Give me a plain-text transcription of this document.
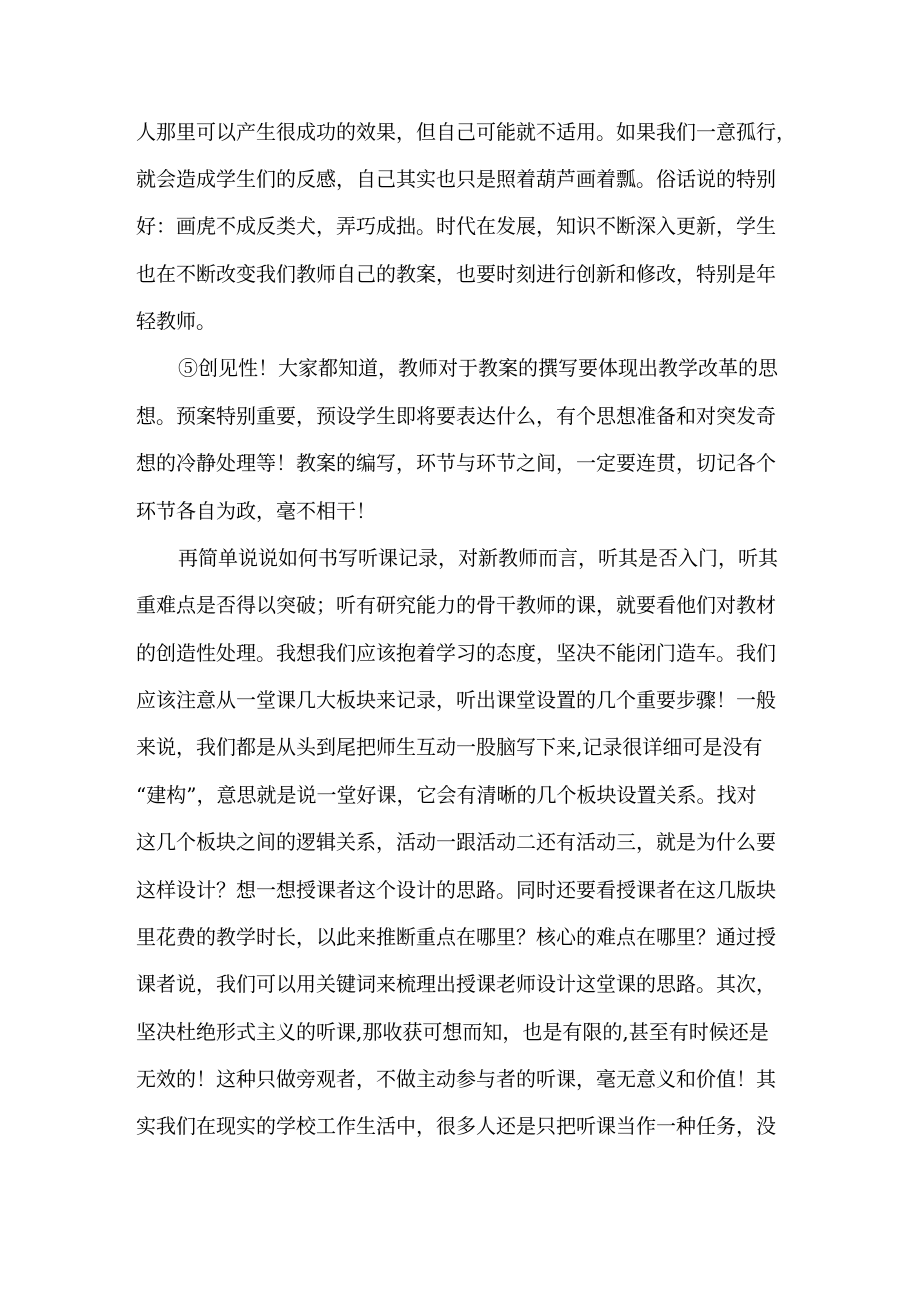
人那里可以产生很成功的效果，但自己可能就不适用。如果我们一意孤行，

就会造成学生们的反感，自己其实也只是照着葫芦画着瓢。俗话说的特别

好：画虎不成反类犬，弄巧成拙。时代在发展，知识不断深入更新，学生

也在不断改变我们教师自己的教案，也要时刻进行创新和修改，特别是年

轻教师。

⑤创见性！大家都知道，教师对于教案的撰写要体现出教学改革的思

想。预案特别重要，预设学生即将要表达什么，有个思想准备和对突发奇

想的冷静处理等！教案的编写，环节与环节之间，一定要连贯，切记各个

环节各自为政，毫不相干！

再简单说说如何书写听课记录，对新教师而言，听其是否入门，听其

重难点是否得以突破；听有研究能力的骨干教师的课，就要看他们对教材

的创造性处理。我想我们应该抱着学习的态度，坚决不能闭门造车。我们

应该注意从一堂课几大板块来记录，听出课堂设置的几个重要步骤！一般

来说，我们都是从头到尾把师生互动一股脑写下来,记录很详细可是没有

“建构”，意思就是说一堂好课，它会有清晰的几个板块设置关系。找对

这几个板块之间的逻辑关系，活动一跟活动二还有活动三，就是为什么要

这样设计？想一想授课者这个设计的思路。同时还要看授课者在这几版块

里花费的教学时长，以此来推断重点在哪里？核心的难点在哪里？通过授

课者说，我们可以用关键词来梳理出授课老师设计这堂课的思路。其次，

坚决杜绝形式主义的听课,那收获可想而知，也是有限的,甚至有时候还是

无效的！这种只做旁观者，不做主动参与者的听课，毫无意义和价值！其

实我们在现实的学校工作生活中，很多人还是只把听课当作一种任务，没
